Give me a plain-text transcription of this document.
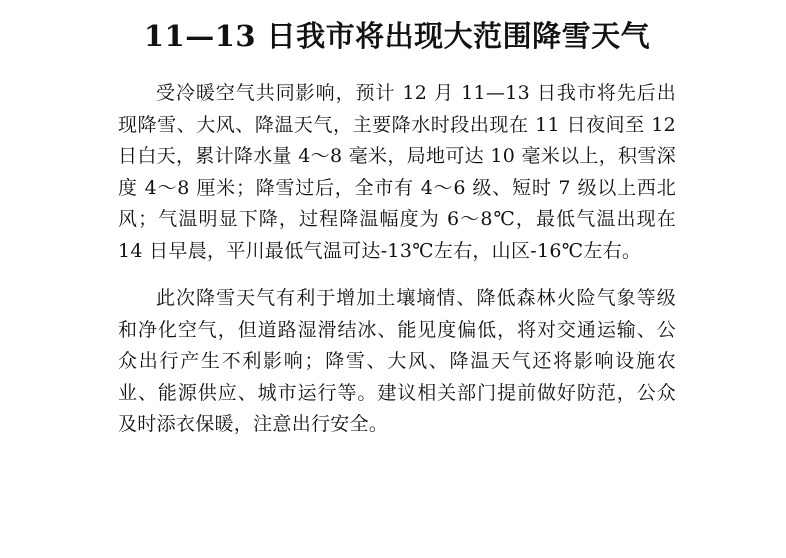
11—13 日我市将出现大范围降雪天气

受冷暖空气共同影响，预计 12 月 11—13 日我市将先后出现降雪、大风、降温天气，主要降水时段出现在 11 日夜间至 12 日白天，累计降水量 4～8 毫米，局地可达 10 毫米以上，积雪深度 4～8 厘米；降雪过后，全市有 4～6 级、短时 7 级以上西北风；气温明显下降，过程降温幅度为 6～8℃，最低气温出现在 14 日早晨，平川最低气温可达-13℃左右，山区-16℃左右。

此次降雪天气有利于增加土壤墒情、降低森林火险气象等级和净化空气，但道路湿滑结冰、能见度偏低，将对交通运输、公众出行产生不利影响；降雪、大风、降温天气还将影响设施农业、能源供应、城市运行等。建议相关部门提前做好防范，公众及时添衣保暖，注意出行安全。
